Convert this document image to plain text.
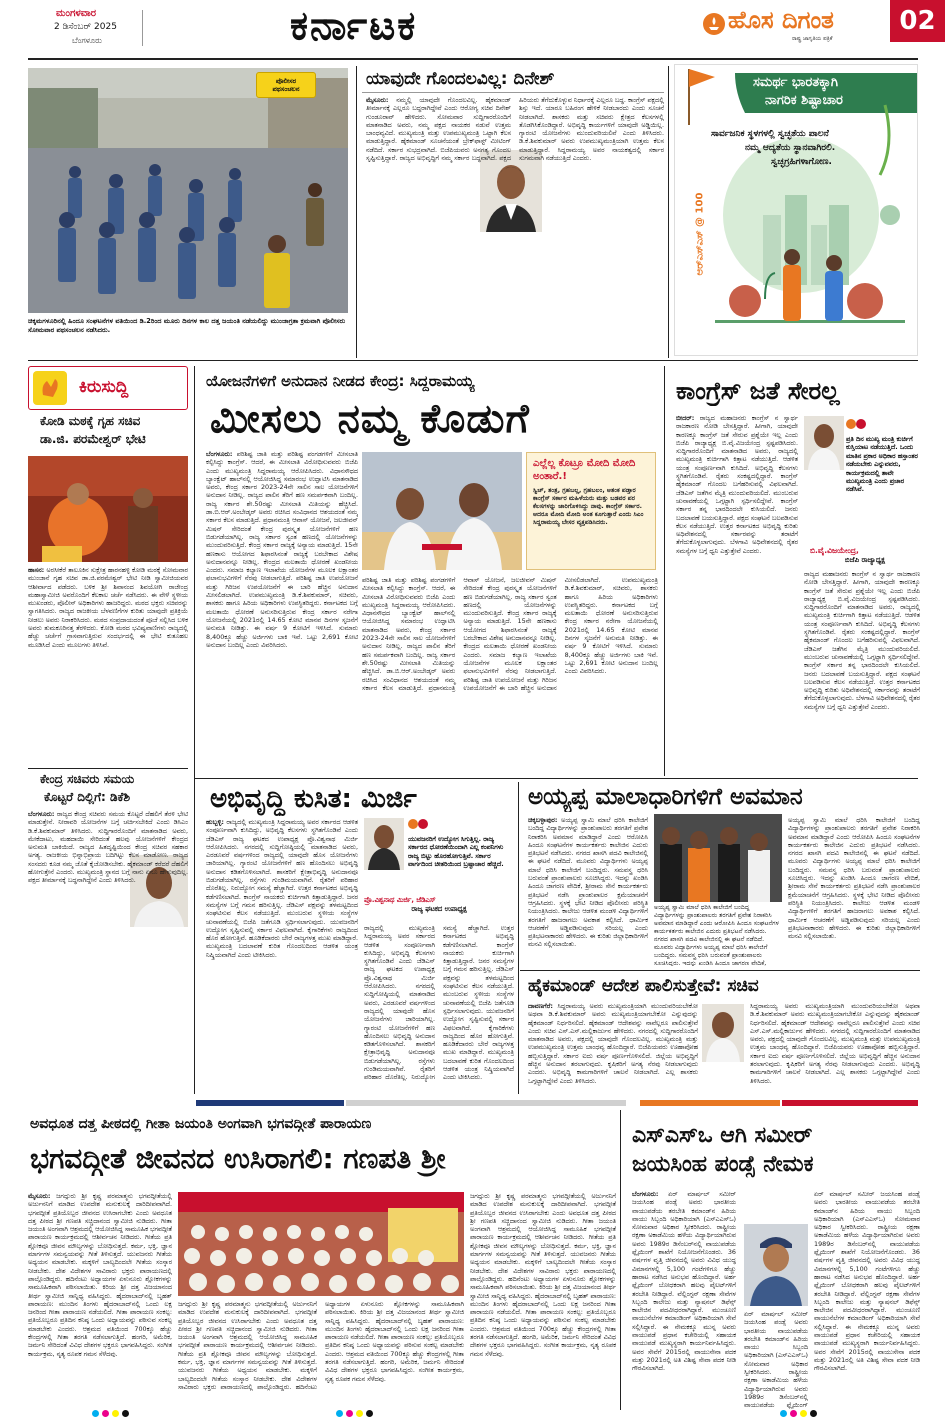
ಮಂಗಳವಾರ
2 ಡಿಸೆಂಬರ್ 2025
ಬೆಂಗಳೂರು	ಕರ್ನಾಟಕ	ಹೊಸ ದಿಗಂತ
ರಾಷ್ಟ್ರ ಜಾಗೃತಿಯ ಪತ್ರಿಕೆ
02
ಪೊಲೀಸರ ಪಥಸಂಚಲನ
ಚಿಕ್ಕಮಗಳೂರಿನಲ್ಲಿ ಹಿಂದೂ ಸಂಘಟನೆಗಳ ವತಿಯಿಂದ ಡಿ.2ರಿಂದ ಮೂರು ದಿನಗಳ ಕಾಲ ದತ್ತ ಜಯಂತಿ ನಡೆಯಲಿದ್ದು ಮುಂಜಾಗ್ರತಾ ಕ್ರಮವಾಗಿ ಪೊಲೀಸರು ಸೋಮವಾರ ಪಥಸಂಚಲನ ನಡೆಸಿದರು.
ಯಾವುದೇ ಗೊಂದಲವಿಲ್ಲ: ದಿನೇಶ್
ಮೈಸೂರು: ನಮ್ಮಲ್ಲಿ ಯಾವುದೇ ಗೊಂದಲವಿಲ್ಲ. ಹೈಕಮಾಂಡ್ ತೀರ್ಮಾನಕ್ಕೆ ಎಲ್ಲರೂ ಬದ್ಧರಾಗಿದ್ದೇವೆ ಎಂದು ಆರೋಗ್ಯ ಸಚಿವ ದಿನೇಶ್ ಗುಂಡೂರಾವ್ ಹೇಳಿದರು. ಸೋಮವಾರ ಸುದ್ದಿಗಾರರೊಂದಿಗೆ ಮಾತನಾಡಿದ ಅವರು, ನಮ್ಮ ಪಕ್ಷದ ನಾಯಕರ ನಡುವೆ ಉತ್ತಮ ಬಾಂಧವ್ಯವಿದೆ. ಮುಖ್ಯಮಂತ್ರಿ ಮತ್ತು ಉಪಮುಖ್ಯಮಂತ್ರಿ ಒಟ್ಟಾಗಿ ಕೆಲಸ ಮಾಡುತ್ತಿದ್ದಾರೆ. ಹೈಕಮಾಂಡ್ ಸೂಚನೆಯಂತೆ ಬ್ರೇಕ್‌ಫಾಸ್ಟ್ ಮೀಟಿಂಗ್ ನಡೆದಿದೆ. ಸರ್ಕಾರ ಸುಭದ್ರವಾಗಿದೆ. ಬಿಜೆಪಿಯವರು ಅನಗತ್ಯ ಗೊಂದಲ ಸೃಷ್ಟಿಸುತ್ತಿದ್ದಾರೆ. ರಾಜ್ಯದ ಅಭಿವೃದ್ಧಿಗೆ ನಮ್ಮ ಸರ್ಕಾರ ಬದ್ಧವಾಗಿದೆ. ಪಕ್ಷದ ಹಿರಿಯರು ತೆಗೆದುಕೊಳ್ಳುವ ನಿರ್ಧಾರಕ್ಕೆ ಎಲ್ಲರೂ ಬದ್ಧ. ಕಾಂಗ್ರೆಸ್ ಪಕ್ಷದಲ್ಲಿ ಶಿಸ್ತು ಇದೆ. ಯಾರೂ ಬಹಿರಂಗ ಹೇಳಿಕೆ ನೀಡಬಾರದು ಎಂದು ಸೂಚನೆ ನೀಡಲಾಗಿದೆ. ಶಾಸಕರು ಮತ್ತು ಸಚಿವರು ಕ್ಷೇತ್ರದ ಕೆಲಸಗಳಲ್ಲಿ ತೊಡಗಿಸಿಕೊಂಡಿದ್ದಾರೆ. ಅಭಿವೃದ್ಧಿ ಕಾರ್ಯಗಳಿಗೆ ಯಾವುದೇ ಅಡ್ಡಿಯಿಲ್ಲ. ಗ್ಯಾರಂಟಿ ಯೋಜನೆಗಳು ಮುಂದುವರಿಯಲಿವೆ ಎಂದು ತಿಳಿಸಿದರು. ಡಿ.ಕೆ.ಶಿವಕುಮಾರ್ ಅವರು ಉಪಮುಖ್ಯಮಂತ್ರಿಯಾಗಿ ಉತ್ತಮ ಕೆಲಸ ಮಾಡುತ್ತಿದ್ದಾರೆ. ಸಿದ್ದರಾಮಯ್ಯ ಅವರ ನಾಯಕತ್ವದಲ್ಲಿ ಸರ್ಕಾರ ಸುಗಮವಾಗಿ ನಡೆಯುತ್ತಿದೆ ಎಂದರು.
ಸಮರ್ಥ ಭಾರತಕ್ಕಾಗಿ
ನಾಗರಿಕ ಶಿಷ್ಟಾಚಾರ
ಸಾರ್ವಜನಿಕ ಸ್ಥಳಗಳಲ್ಲಿ ಸ್ವಚ್ಛತೆಯ ಪಾಲನೆ
ನಮ್ಮ ಆದ್ಯತೆಯ ಸ್ಥಾನವಾಗಿರಲಿ.
ಸ್ವಚ್ಛಗ್ರಹಿಗಳಾಗೋಣ.
ಆರ್‌ಎಸ್‌ಎಸ್ @ 100
ಕಿರುಸುದ್ದಿ
ಕೋಡಿ ಮಠಕ್ಕೆ ಗೃಹ ಸಚಿವ
ಡಾ.ಜಿ. ಪರಮೇಶ್ವರ್ ಭೇಟಿ
ಹಾಸನ: ಅರಸೀಕೆರೆ ತಾಲೂಕಿನ ಸುಕ್ಷೇತ್ರ ಹಾರನಹಳ್ಳಿ ಕೋಡಿ ಮಠಕ್ಕೆ ಸೋಮವಾರ ಮುಂಜಾನೆ ಗೃಹ ಸಚಿವ ಡಾ.ಜಿ.ಪರಮೇಶ್ವರ್ ಭೇಟಿ ನೀಡಿ ಸ್ವಾಮೀಜಿಯವರ ಆಶೀರ್ವಾದ ಪಡೆದರು. ಬಳಿಕ ಶ್ರೀ ಶಿವಾನಂದ ಶಿವಯೋಗಿ ರಾಜೇಂದ್ರ ಮಹಾಸ್ವಾಮೀಜಿ ಅವರೊಂದಿಗೆ ಕೆಲಕಾಲ ಚರ್ಚೆ ನಡೆಸಿದರು. ಈ ವೇಳೆ ಸ್ಥಳೀಯ ಮುಖಂಡರು, ಪೊಲೀಸ್ ಅಧಿಕಾರಿಗಳು ಹಾಜರಿದ್ದರು. ಮಠದ ಭಕ್ತರು ಸಚಿವರನ್ನು ಸ್ವಾಗತಿಸಿದರು. ರಾಜ್ಯದ ರಾಜಕೀಯ ಬೆಳವಣಿಗೆಗಳ ಕುರಿತು ಯಾವುದೇ ಪ್ರತಿಕ್ರಿಯೆ ನೀಡಲು ಅವರು ನಿರಾಕರಿಸಿದರು. ಮಠದ ಸಂಪ್ರದಾಯದಂತೆ ಪೂಜೆ ಸಲ್ಲಿಸಿದ ಬಳಿಕ ಅವರು ತುಮಕೂರಿನತ್ತ ತೆರಳಿದರು. ಕೋಡಿ ಮಠದ ಭವಿಷ್ಯವಾಣಿಗಳು ರಾಜ್ಯದಲ್ಲಿ ಹೆಚ್ಚು ಚರ್ಚೆಗೆ ಗ್ರಾಸವಾಗುತ್ತಿರುವ ಸಂದರ್ಭದಲ್ಲಿ ಈ ಭೇಟಿ ಕುತೂಹಲ ಮೂಡಿಸಿದೆ ಎಂದು ಮೂಲಗಳು ತಿಳಿಸಿವೆ.
ಕೇಂದ್ರ ಸಚಿವರು ಸಮಯ
ಕೊಟ್ಟರೆ ದಿಲ್ಲಿಗೆ: ಡಿಕೆಶಿ
ಬೆಂಗಳೂರು: ರಾಜ್ಯದ ಕೇಂದ್ರ ಸಚಿವರು ಸಮಯ ಕೊಟ್ಟರೆ ದೆಹಲಿಗೆ ತೆರಳಿ ಭೇಟಿ ಮಾಡುತ್ತೇನೆ. ನೀರಾವರಿ ಯೋಜನೆಗಳ ಬಗ್ಗೆ ಚರ್ಚಿಸಬೇಕಿದೆ ಎಂದು ಡಿಸಿಎಂ ಡಿ.ಕೆ.ಶಿವಕುಮಾರ್ ತಿಳಿಸಿದರು. ಸುದ್ದಿಗಾರರೊಂದಿಗೆ ಮಾತನಾಡಿದ ಅವರು, ಮೇಕೆದಾಟು, ಮಹದಾಯಿ ಸೇರಿದಂತೆ ಹಲವು ಯೋಜನೆಗಳಿಗೆ ಕೇಂದ್ರದ ಅನುಮತಿ ಬಾಕಿಯಿದೆ. ರಾಜ್ಯದ ಹಿತದೃಷ್ಟಿಯಿಂದ ಕೇಂದ್ರ ಸಚಿವರ ಸಹಕಾರ ಅಗತ್ಯ. ರಾಜಕೀಯ ಭಿನ್ನಾಭಿಪ್ರಾಯ ಬದಿಗಿಟ್ಟು ಕೆಲಸ ಮಾಡೋಣ. ರಾಜ್ಯದ ಸಂಸದರು ಕೂಡ ನಮ್ಮ ಜೊತೆ ಕೈಜೋಡಿಸಬೇಕು. ಹೈಕಮಾಂಡ್ ಕರೆದರೆ ದೆಹಲಿಗೆ ಹೋಗುತ್ತೇನೆ ಎಂದರು. ಮುಖ್ಯಮಂತ್ರಿ ಸ್ಥಾನದ ಬಗ್ಗೆ ನಾನು ಏನೂ ಹೇಳುವುದಿಲ್ಲ. ಪಕ್ಷದ ತೀರ್ಮಾನಕ್ಕೆ ಬದ್ಧನಾಗಿದ್ದೇನೆ ಎಂದು ತಿಳಿಸಿದರು.
ಯೋಜನೆಗಳಿಗೆ ಅನುದಾನ ನೀಡದ ಕೇಂದ್ರ: ಸಿದ್ದರಾಮಯ್ಯ
ಮೀಸಲು ನಮ್ಮ ಕೊಡುಗೆ
ಬೆಂಗಳೂರು: ಪರಿಶಿಷ್ಟ ಜಾತಿ ಮತ್ತು ಪರಿಶಿಷ್ಟ ಪಂಗಡಗಳಿಗೆ ಮೀಸಲಾತಿ ಕಲ್ಪಿಸಿದ್ದು ಕಾಂಗ್ರೆಸ್. ಆದರೆ, ಈ ಮೀಸಲಾತಿ ವಿರೋಧಿಸುವವರು ಬಿಜೆಪಿ ಎಂದು ಮುಖ್ಯಮಂತ್ರಿ ಸಿದ್ದರಾಮಯ್ಯ ಆರೋಪಿಸಿದರು. ವಿಧಾನಸೌಧದ ಬ್ಯಾಂಕ್ವೆಟ್ ಹಾಲ್‌ನಲ್ಲಿ ಆಯೋಜಿಸಿದ್ದ ಸಮಾರಂಭ ಉದ್ಘಾಟಿಸಿ ಮಾತನಾಡಿದ ಅವರು, ಕೇಂದ್ರ ಸರ್ಕಾರ 2023-24ನೇ ಸಾಲಿನ ಸಾಲ ಯೋಜನೆಗಳಿಗೆ ಅನುದಾನ ನೀಡಿಲ್ಲ. ರಾಜ್ಯದ ಪಾಲಿನ ತೆರಿಗೆ ಹಣ ಸಮರ್ಪಕವಾಗಿ ಬಂದಿಲ್ಲ. ರಾಜ್ಯ ಸರ್ಕಾರ ಶೇ.50ರಷ್ಟು ಮೀಸಲಾತಿ ಮಿತಿಯನ್ನು ಹೆಚ್ಚಿಸಿದೆ. ಡಾ.ಬಿ.ಆರ್.ಅಂಬೇಡ್ಕರ್ ಅವರು ರಚಿಸಿದ ಸಂವಿಧಾನದ ಆಶಯದಂತೆ ನಮ್ಮ ಸರ್ಕಾರ ಕೆಲಸ ಮಾಡುತ್ತಿದೆ. ಪ್ರಧಾನಮಂತ್ರಿ ಆವಾಸ್ ಯೋಜನೆ, ಜಲಜೀವನ್ ಮಿಷನ್ ಸೇರಿದಂತೆ ಕೇಂದ್ರ ಪುರಸ್ಕೃತ ಯೋಜನೆಗಳಿಗೆ ಹಣ ಬಿಡುಗಡೆಯಾಗಿಲ್ಲ. ರಾಜ್ಯ ಸರ್ಕಾರ ಸ್ವಂತ ಹಣದಲ್ಲಿ ಯೋಜನೆಗಳನ್ನು ಮುಂದುವರಿಸುತ್ತಿದೆ. ಕೇಂದ್ರ ಸರ್ಕಾರ ರಾಜ್ಯಕ್ಕೆ ಅನ್ಯಾಯ ಮಾಡುತ್ತಿದೆ. 15ನೇ ಹಣಕಾಸು ಆಯೋಗದ ಶಿಫಾರಸಿನಂತೆ ರಾಜ್ಯಕ್ಕೆ ಬರಬೇಕಾದ ವಿಶೇಷ ಅನುದಾನವನ್ನೂ ನೀಡಿಲ್ಲ. ಕೇಂದ್ರದ ಮಲತಾಯಿ ಧೋರಣೆ ಖಂಡನೀಯ ಎಂದರು. ಸಮಾಜ ಕಲ್ಯಾಣ ಇಲಾಖೆಯ ಯೋಜನೆಗಳ ಮೂಲಕ ಲಕ್ಷಾಂತರ ಫಲಾನುಭವಿಗಳಿಗೆ ನೆರವು ನೀಡಲಾಗುತ್ತಿದೆ. ಪರಿಶಿಷ್ಟ ಜಾತಿ ಉಪಯೋಜನೆ ಮತ್ತು ಗಿರಿಜನ ಉಪಯೋಜನೆಗೆ ಈ ಬಾರಿ ಹೆಚ್ಚಿನ ಅನುದಾನ ಮೀಸಲಿಡಲಾಗಿದೆ. ಉಪಮುಖ್ಯಮಂತ್ರಿ ಡಿ.ಕೆ.ಶಿವಕುಮಾರ್, ಸಚಿವರು, ಶಾಸಕರು ಹಾಗೂ ಹಿರಿಯ ಅಧಿಕಾರಿಗಳು ಉಪಸ್ಥಿತರಿದ್ದರು. ಕರ್ನಾಟಕದ ಬಗ್ಗೆ ಮಲತಾಯಿ ಧೋರಣೆ ಅನುಸರಿಸುತ್ತಿರುವ ಕೇಂದ್ರ ಸರ್ಕಾರ ನರೇಗಾ ಯೋಜನೆಯಲ್ಲಿ 2021ರಲ್ಲಿ 14.65 ಕೋಟಿ ಮಾನವ ದಿನಗಳ ಸೃಜನೆಗೆ ಅನುಮತಿ ನೀಡಿತ್ತು. ಈ ವರ್ಷ 9 ಕೋಟಿಗೆ ಇಳಿಸಿದೆ. ಸುಮಾರು 8,400ಕ್ಕೂ ಹೆಚ್ಚು ಅರ್ಜಿಗಳು ಬಾಕಿ ಇವೆ. ಒಟ್ಟು 2,691 ಕೋಟಿ ಅನುದಾನ ಬಂದಿಲ್ಲ ಎಂದು ವಿವರಿಸಿದರು.
ಎಲ್ಲೆಲ್ಲ ಕೊಟ್ರೂ ಮೋದಿ ಮೋದಿ ಅಂತಾರೆ.!
ಸ್ವಿಚ್, ತಂತ್ರ, ಗ್ರಹಬಲ್ಲ, ಗ್ರಹಬಲಂ, ಆತಂಕ ಪಡ್ತಾರ ಕಾಂಗ್ರೆಸ್ ಸರ್ಕಾರ ಮಹಿಳೆಯರು ಮತ್ತು ಬಡವರ ಪರ ಕೆಲಸಗಳನ್ನು ಜಾರಿಗೊಳಿಸಿದ್ದು ನಾವು. ಕಾಂಗ್ರೆಸ್ ಸರ್ಕಾರ. ಆದರೂ ಮೋದಿ ಮೋದಿ ಅಂತ ಕೂಗುತ್ತಾರೆ ಎಂದು ಸಿಎಂ ಸಿದ್ದರಾಮಯ್ಯ ಬೇಸರ ವ್ಯಕ್ತಪಡಿಸಿದರು.
ಪರಿಶಿಷ್ಟ ಜಾತಿ ಮತ್ತು ಪರಿಶಿಷ್ಟ ಪಂಗಡಗಳಿಗೆ ಮೀಸಲಾತಿ ಕಲ್ಪಿಸಿದ್ದು ಕಾಂಗ್ರೆಸ್. ಆದರೆ, ಈ ಮೀಸಲಾತಿ ವಿರೋಧಿಸುವವರು ಬಿಜೆಪಿ ಎಂದು ಮುಖ್ಯಮಂತ್ರಿ ಸಿದ್ದರಾಮಯ್ಯ ಆರೋಪಿಸಿದರು. ವಿಧಾನಸೌಧದ ಬ್ಯಾಂಕ್ವೆಟ್ ಹಾಲ್‌ನಲ್ಲಿ ಆಯೋಜಿಸಿದ್ದ ಸಮಾರಂಭ ಉದ್ಘಾಟಿಸಿ ಮಾತನಾಡಿದ ಅವರು, ಕೇಂದ್ರ ಸರ್ಕಾರ 2023-24ನೇ ಸಾಲಿನ ಸಾಲ ಯೋಜನೆಗಳಿಗೆ ಅನುದಾನ ನೀಡಿಲ್ಲ. ರಾಜ್ಯದ ಪಾಲಿನ ತೆರಿಗೆ ಹಣ ಸಮರ್ಪಕವಾಗಿ ಬಂದಿಲ್ಲ. ರಾಜ್ಯ ಸರ್ಕಾರ ಶೇ.50ರಷ್ಟು ಮೀಸಲಾತಿ ಮಿತಿಯನ್ನು ಹೆಚ್ಚಿಸಿದೆ. ಡಾ.ಬಿ.ಆರ್.ಅಂಬೇಡ್ಕರ್ ಅವರು ರಚಿಸಿದ ಸಂವಿಧಾನದ ಆಶಯದಂತೆ ನಮ್ಮ ಸರ್ಕಾರ ಕೆಲಸ ಮಾಡುತ್ತಿದೆ. ಪ್ರಧಾನಮಂತ್ರಿ ಆವಾಸ್ ಯೋಜನೆ, ಜಲಜೀವನ್ ಮಿಷನ್ ಸೇರಿದಂತೆ ಕೇಂದ್ರ ಪುರಸ್ಕೃತ ಯೋಜನೆಗಳಿಗೆ ಹಣ ಬಿಡುಗಡೆಯಾಗಿಲ್ಲ. ರಾಜ್ಯ ಸರ್ಕಾರ ಸ್ವಂತ ಹಣದಲ್ಲಿ ಯೋಜನೆಗಳನ್ನು ಮುಂದುವರಿಸುತ್ತಿದೆ. ಕೇಂದ್ರ ಸರ್ಕಾರ ರಾಜ್ಯಕ್ಕೆ ಅನ್ಯಾಯ ಮಾಡುತ್ತಿದೆ. 15ನೇ ಹಣಕಾಸು ಆಯೋಗದ ಶಿಫಾರಸಿನಂತೆ ರಾಜ್ಯಕ್ಕೆ ಬರಬೇಕಾದ ವಿಶೇಷ ಅನುದಾನವನ್ನೂ ನೀಡಿಲ್ಲ. ಕೇಂದ್ರದ ಮಲತಾಯಿ ಧೋರಣೆ ಖಂಡನೀಯ ಎಂದರು. ಸಮಾಜ ಕಲ್ಯಾಣ ಇಲಾಖೆಯ ಯೋಜನೆಗಳ ಮೂಲಕ ಲಕ್ಷಾಂತರ ಫಲಾನುಭವಿಗಳಿಗೆ ನೆರವು ನೀಡಲಾಗುತ್ತಿದೆ. ಪರಿಶಿಷ್ಟ ಜಾತಿ ಉಪಯೋಜನೆ ಮತ್ತು ಗಿರಿಜನ ಉಪಯೋಜನೆಗೆ ಈ ಬಾರಿ ಹೆಚ್ಚಿನ ಅನುದಾನ ಮೀಸಲಿಡಲಾಗಿದೆ. ಉಪಮುಖ್ಯಮಂತ್ರಿ ಡಿ.ಕೆ.ಶಿವಕುಮಾರ್, ಸಚಿವರು, ಶಾಸಕರು ಹಾಗೂ ಹಿರಿಯ ಅಧಿಕಾರಿಗಳು ಉಪಸ್ಥಿತರಿದ್ದರು. ಕರ್ನಾಟಕದ ಬಗ್ಗೆ ಮಲತಾಯಿ ಧೋರಣೆ ಅನುಸರಿಸುತ್ತಿರುವ ಕೇಂದ್ರ ಸರ್ಕಾರ ನರೇಗಾ ಯೋಜನೆಯಲ್ಲಿ 2021ರಲ್ಲಿ 14.65 ಕೋಟಿ ಮಾನವ ದಿನಗಳ ಸೃಜನೆಗೆ ಅನುಮತಿ ನೀಡಿತ್ತು. ಈ ವರ್ಷ 9 ಕೋಟಿಗೆ ಇಳಿಸಿದೆ. ಸುಮಾರು 8,400ಕ್ಕೂ ಹೆಚ್ಚು ಅರ್ಜಿಗಳು ಬಾಕಿ ಇವೆ. ಒಟ್ಟು 2,691 ಕೋಟಿ ಅನುದಾನ ಬಂದಿಲ್ಲ ಎಂದು ವಿವರಿಸಿದರು.
ಕಾಂಗ್ರೆಸ್ ಜತೆ ಸೇರಲ್ಲ
ಬೀದರ್: ರಾಜ್ಯದ ಮಹಾಜನರು ಕಾಂಗ್ರೆಸ್ ನ ಸ್ವಾರ್ಥ ರಾಜಕಾರಣ ನೋಡಿ ಬೇಸತ್ತಿದ್ದಾರೆ. ಹೀಗಾಗಿ, ಯಾವುದೇ ಕಾರಣಕ್ಕೂ ಕಾಂಗ್ರೆಸ್ ಜತೆ ಸೇರುವ ಪ್ರಶ್ನೆಯೇ ಇಲ್ಲ ಎಂದು ಬಿಜೆಪಿ ರಾಜ್ಯಾಧ್ಯಕ್ಷ ಬಿ.ವೈ.ವಿಜಯೇಂದ್ರ ಸ್ಪಷ್ಟಪಡಿಸಿದರು. ಸುದ್ದಿಗಾರರೊಂದಿಗೆ ಮಾತನಾಡಿದ ಅವರು, ರಾಜ್ಯದಲ್ಲಿ ಮುಖ್ಯಮಂತ್ರಿ ಕುರ್ಚಿಗಾಗಿ ಕಿತ್ತಾಟ ನಡೆಯುತ್ತಿದೆ. ಆಡಳಿತ ಯಂತ್ರ ಸಂಪೂರ್ಣವಾಗಿ ಕುಸಿದಿದೆ. ಅಭಿವೃದ್ಧಿ ಕೆಲಸಗಳು ಸ್ಥಗಿತಗೊಂಡಿವೆ. ರೈತರು ಸಂಕಷ್ಟದಲ್ಲಿದ್ದಾರೆ. ಕಾಂಗ್ರೆಸ್ ಹೈಕಮಾಂಡ್ ಗೊಂದಲ ಬಗೆಹರಿಸುವಲ್ಲಿ ವಿಫಲವಾಗಿದೆ. ಜೆಡಿಎಸ್ ಜತೆಗಿನ ಮೈತ್ರಿ ಮುಂದುವರಿಯಲಿದೆ. ಮುಂಬರುವ ಚುನಾವಣೆಯಲ್ಲಿ ಒಗ್ಗಟ್ಟಾಗಿ ಸ್ಪರ್ಧಿಸಲಿದ್ದೇವೆ. ಕಾಂಗ್ರೆಸ್ ಸರ್ಕಾರ ತನ್ನ ಭಾರದಿಂದಲೇ ಕುಸಿಯಲಿದೆ. ಜನರು ಬದಲಾವಣೆ ಬಯಸುತ್ತಿದ್ದಾರೆ. ಪಕ್ಷದ ಸಂಘಟನೆ ಬಲಪಡಿಸುವ ಕೆಲಸ ನಡೆಯುತ್ತಿದೆ. ಉತ್ತರ ಕರ್ನಾಟಕದ ಅಭಿವೃದ್ಧಿ ಕುರಿತು ಅಧಿವೇಶನದಲ್ಲಿ ಸರ್ಕಾರವನ್ನು ತರಾಟೆಗೆ ತೆಗೆದುಕೊಳ್ಳಲಾಗುವುದು. ಬೆಳಗಾವಿ ಅಧಿವೇಶನದಲ್ಲಿ ರೈತರ ಸಮಸ್ಯೆಗಳ ಬಗ್ಗೆ ಧ್ವನಿ ಎತ್ತುತ್ತೇವೆ ಎಂದರು.
ಪ್ರತಿ ದಿನ ಮುಖ್ಯ ಮಂತ್ರಿ ಕುರ್ಚಿಗೆ ಕುಸ್ತಿಯಾಟ ನಡೆಯುತ್ತಿದೆ. ಒಂದು ಮಾತಿನ ಪ್ರಕಾರ ಅಧಿಕಾರ ಹಸ್ತಾಂತರ ನಡೆಯಬೇಕು ಎನ್ನುವವರು, ಕಾರ್ಯಕ್ರಮದಲ್ಲಿ ತಾವೇ ಮುಖ್ಯಮಂತ್ರಿ ಎಂದು ಪ್ರಚಾರ ನಡೆಸಿವೆ.
ಬಿ.ವೈ.ವಿಜಯೇಂದ್ರ,
ಬಿಜೆಪಿ ರಾಜ್ಯಾಧ್ಯಕ್ಷ
ರಾಜ್ಯದ ಮಹಾಜನರು ಕಾಂಗ್ರೆಸ್ ನ ಸ್ವಾರ್ಥ ರಾಜಕಾರಣ ನೋಡಿ ಬೇಸತ್ತಿದ್ದಾರೆ. ಹೀಗಾಗಿ, ಯಾವುದೇ ಕಾರಣಕ್ಕೂ ಕಾಂಗ್ರೆಸ್ ಜತೆ ಸೇರುವ ಪ್ರಶ್ನೆಯೇ ಇಲ್ಲ ಎಂದು ಬಿಜೆಪಿ ರಾಜ್ಯಾಧ್ಯಕ್ಷ ಬಿ.ವೈ.ವಿಜಯೇಂದ್ರ ಸ್ಪಷ್ಟಪಡಿಸಿದರು. ಸುದ್ದಿಗಾರರೊಂದಿಗೆ ಮಾತನಾಡಿದ ಅವರು, ರಾಜ್ಯದಲ್ಲಿ ಮುಖ್ಯಮಂತ್ರಿ ಕುರ್ಚಿಗಾಗಿ ಕಿತ್ತಾಟ ನಡೆಯುತ್ತಿದೆ. ಆಡಳಿತ ಯಂತ್ರ ಸಂಪೂರ್ಣವಾಗಿ ಕುಸಿದಿದೆ. ಅಭಿವೃದ್ಧಿ ಕೆಲಸಗಳು ಸ್ಥಗಿತಗೊಂಡಿವೆ. ರೈತರು ಸಂಕಷ್ಟದಲ್ಲಿದ್ದಾರೆ. ಕಾಂಗ್ರೆಸ್ ಹೈಕಮಾಂಡ್ ಗೊಂದಲ ಬಗೆಹರಿಸುವಲ್ಲಿ ವಿಫಲವಾಗಿದೆ. ಜೆಡಿಎಸ್ ಜತೆಗಿನ ಮೈತ್ರಿ ಮುಂದುವರಿಯಲಿದೆ. ಮುಂಬರುವ ಚುನಾವಣೆಯಲ್ಲಿ ಒಗ್ಗಟ್ಟಾಗಿ ಸ್ಪರ್ಧಿಸಲಿದ್ದೇವೆ. ಕಾಂಗ್ರೆಸ್ ಸರ್ಕಾರ ತನ್ನ ಭಾರದಿಂದಲೇ ಕುಸಿಯಲಿದೆ. ಜನರು ಬದಲಾವಣೆ ಬಯಸುತ್ತಿದ್ದಾರೆ. ಪಕ್ಷದ ಸಂಘಟನೆ ಬಲಪಡಿಸುವ ಕೆಲಸ ನಡೆಯುತ್ತಿದೆ. ಉತ್ತರ ಕರ್ನಾಟಕದ ಅಭಿವೃದ್ಧಿ ಕುರಿತು ಅಧಿವೇಶನದಲ್ಲಿ ಸರ್ಕಾರವನ್ನು ತರಾಟೆಗೆ ತೆಗೆದುಕೊಳ್ಳಲಾಗುವುದು. ಬೆಳಗಾವಿ ಅಧಿವೇಶನದಲ್ಲಿ ರೈತರ ಸಮಸ್ಯೆಗಳ ಬಗ್ಗೆ ಧ್ವನಿ ಎತ್ತುತ್ತೇವೆ ಎಂದರು.
ಅಭಿವೃದ್ಧಿ ಕುಸಿತ: ಮಿರ್ಜಿ
ಯುವಜನರಿಗೆ ಉದ್ಯೋಗ ಸಿಗುತ್ತಿಲ್ಲ. ರಾಜ್ಯ ಸರ್ಕಾರದ ಧೋರಣೆಯಿಂದಾಗಿ ಎಲ್ಲ ಕಂಪನಿಗಳು ರಾಜ್ಯ ಬಿಟ್ಟು ಹೊರಹೋಗುತ್ತಿವೆ. ಸರ್ಕಾರ ವಾರ್ಗದಿಂದ ಚೀತರಿಯಿಂದ ಬ್ರಷ್ಟಾಚಾರ ಹೆಚ್ಚಿದೆ.
ಪ್ರೊ.ವಿಶ್ವನಾಥ ಮಿರ್ಜಿ, ಜೆಡಿಎಸ್
ರಾಜ್ಯ ಘಟಕದ ಉಪಾಧ್ಯಕ್ಷ
ಹುಬ್ಬಳ್ಳಿ: ರಾಜ್ಯದಲ್ಲಿ ಮುಖ್ಯಮಂತ್ರಿ ಸಿದ್ದರಾಮಯ್ಯ ಅವರ ಸರ್ಕಾರದ ಆಡಳಿತ ಸಂಪೂರ್ಣವಾಗಿ ಕುಸಿದಿದ್ದು, ಅಭಿವೃದ್ಧಿ ಕೆಲಸಗಳು ಸ್ಥಗಿತಗೊಂಡಿವೆ ಎಂದು ಜೆಡಿಎಸ್ ರಾಜ್ಯ ಘಟಕದ ಉಪಾಧ್ಯಕ್ಷ ಪ್ರೊ.ವಿಶ್ವನಾಥ ಮಿರ್ಜಿ ಆರೋಪಿಸಿದರು. ನಗರದಲ್ಲಿ ಸುದ್ದಿಗೋಷ್ಠಿಯಲ್ಲಿ ಮಾತನಾಡಿದ ಅವರು, ಎರಡೂವರೆ ವರ್ಷಗಳಿಂದ ರಾಜ್ಯದಲ್ಲಿ ಯಾವುದೇ ಹೊಸ ಯೋಜನೆಗಳು ಜಾರಿಯಾಗಿಲ್ಲ. ಗ್ಯಾರಂಟಿ ಯೋಜನೆಗಳಿಗೆ ಹಣ ಹೊಂದಿಸಲು ಅಭಿವೃದ್ಧಿ ಅನುದಾನ ಕಡಿತಗೊಳಿಸಲಾಗಿದೆ. ಶಾಸಕರಿಗೆ ಕ್ಷೇತ್ರಾಭಿವೃದ್ಧಿ ಅನುದಾನವೂ ಬಿಡುಗಡೆಯಾಗಿಲ್ಲ. ರಸ್ತೆಗಳು ಗುಂಡಿಮಯವಾಗಿವೆ. ರೈತರಿಗೆ ಪರಿಹಾರ ದೊರೆತಿಲ್ಲ. ನಿರುದ್ಯೋಗ ಸಮಸ್ಯೆ ಹೆಚ್ಚಾಗಿದೆ. ಉತ್ತರ ಕರ್ನಾಟಕದ ಅಭಿವೃದ್ಧಿ ಕಡೆಗಣಿಸಲಾಗಿದೆ. ಕಾಂಗ್ರೆಸ್ ನಾಯಕರು ಕುರ್ಚಿಗಾಗಿ ಕಿತ್ತಾಡುತ್ತಿದ್ದಾರೆ. ಜನರ ಸಮಸ್ಯೆಗಳ ಬಗ್ಗೆ ಗಮನ ಹರಿಸುತ್ತಿಲ್ಲ. ಜೆಡಿಎಸ್ ಪಕ್ಷವನ್ನು ತಳಮಟ್ಟದಿಂದ ಸಂಘಟಿಸುವ ಕೆಲಸ ನಡೆಯುತ್ತಿದೆ. ಮುಂಬರುವ ಸ್ಥಳೀಯ ಸಂಸ್ಥೆಗಳ ಚುನಾವಣೆಯಲ್ಲಿ ಬಿಜೆಪಿ ಜತೆಗೂಡಿ ಸ್ಪರ್ಧಿಸಲಾಗುವುದು. ಯುವಜನರಿಗೆ ಉದ್ಯೋಗ ಸೃಷ್ಟಿಸುವಲ್ಲಿ ಸರ್ಕಾರ ವಿಫಲವಾಗಿದೆ. ಕೈಗಾರಿಕೆಗಳು ರಾಜ್ಯದಿಂದ ಹೊರ ಹೋಗುತ್ತಿವೆ. ಹೂಡಿಕೆದಾರರು ಬೇರೆ ರಾಜ್ಯಗಳತ್ತ ಮುಖ ಮಾಡಿದ್ದಾರೆ. ಮುಖ್ಯಮಂತ್ರಿ ಬದಲಾವಣೆ ಕುರಿತ ಗೊಂದಲದಿಂದ ಆಡಳಿತ ಯಂತ್ರ ನಿಷ್ಕ್ರಿಯವಾಗಿದೆ ಎಂದು ಟೀಕಿಸಿದರು.
ರಾಜ್ಯದಲ್ಲಿ ಮುಖ್ಯಮಂತ್ರಿ ಸಿದ್ದರಾಮಯ್ಯ ಅವರ ಸರ್ಕಾರದ ಆಡಳಿತ ಸಂಪೂರ್ಣವಾಗಿ ಕುಸಿದಿದ್ದು, ಅಭಿವೃದ್ಧಿ ಕೆಲಸಗಳು ಸ್ಥಗಿತಗೊಂಡಿವೆ ಎಂದು ಜೆಡಿಎಸ್ ರಾಜ್ಯ ಘಟಕದ ಉಪಾಧ್ಯಕ್ಷ ಪ್ರೊ.ವಿಶ್ವನಾಥ ಮಿರ್ಜಿ ಆರೋಪಿಸಿದರು. ನಗರದಲ್ಲಿ ಸುದ್ದಿಗೋಷ್ಠಿಯಲ್ಲಿ ಮಾತನಾಡಿದ ಅವರು, ಎರಡೂವರೆ ವರ್ಷಗಳಿಂದ ರಾಜ್ಯದಲ್ಲಿ ಯಾವುದೇ ಹೊಸ ಯೋಜನೆಗಳು ಜಾರಿಯಾಗಿಲ್ಲ. ಗ್ಯಾರಂಟಿ ಯೋಜನೆಗಳಿಗೆ ಹಣ ಹೊಂದಿಸಲು ಅಭಿವೃದ್ಧಿ ಅನುದಾನ ಕಡಿತಗೊಳಿಸಲಾಗಿದೆ. ಶಾಸಕರಿಗೆ ಕ್ಷೇತ್ರಾಭಿವೃದ್ಧಿ ಅನುದಾನವೂ ಬಿಡುಗಡೆಯಾಗಿಲ್ಲ. ರಸ್ತೆಗಳು ಗುಂಡಿಮಯವಾಗಿವೆ. ರೈತರಿಗೆ ಪರಿಹಾರ ದೊರೆತಿಲ್ಲ. ನಿರುದ್ಯೋಗ ಸಮಸ್ಯೆ ಹೆಚ್ಚಾಗಿದೆ. ಉತ್ತರ ಕರ್ನಾಟಕದ ಅಭಿವೃದ್ಧಿ ಕಡೆಗಣಿಸಲಾಗಿದೆ. ಕಾಂಗ್ರೆಸ್ ನಾಯಕರು ಕುರ್ಚಿಗಾಗಿ ಕಿತ್ತಾಡುತ್ತಿದ್ದಾರೆ. ಜನರ ಸಮಸ್ಯೆಗಳ ಬಗ್ಗೆ ಗಮನ ಹರಿಸುತ್ತಿಲ್ಲ. ಜೆಡಿಎಸ್ ಪಕ್ಷವನ್ನು ತಳಮಟ್ಟದಿಂದ ಸಂಘಟಿಸುವ ಕೆಲಸ ನಡೆಯುತ್ತಿದೆ. ಮುಂಬರುವ ಸ್ಥಳೀಯ ಸಂಸ್ಥೆಗಳ ಚುನಾವಣೆಯಲ್ಲಿ ಬಿಜೆಪಿ ಜತೆಗೂಡಿ ಸ್ಪರ್ಧಿಸಲಾಗುವುದು. ಯುವಜನರಿಗೆ ಉದ್ಯೋಗ ಸೃಷ್ಟಿಸುವಲ್ಲಿ ಸರ್ಕಾರ ವಿಫಲವಾಗಿದೆ. ಕೈಗಾರಿಕೆಗಳು ರಾಜ್ಯದಿಂದ ಹೊರ ಹೋಗುತ್ತಿವೆ. ಹೂಡಿಕೆದಾರರು ಬೇರೆ ರಾಜ್ಯಗಳತ್ತ ಮುಖ ಮಾಡಿದ್ದಾರೆ. ಮುಖ್ಯಮಂತ್ರಿ ಬದಲಾವಣೆ ಕುರಿತ ಗೊಂದಲದಿಂದ ಆಡಳಿತ ಯಂತ್ರ ನಿಷ್ಕ್ರಿಯವಾಗಿದೆ ಎಂದು ಟೀಕಿಸಿದರು.
ಅಯ್ಯಪ್ಪ ಮಾಲಾಧಾರಿಗಳಿಗೆ ಅವಮಾನ
ಚಿಕ್ಕಬಳ್ಳಾಪುರ: ಅಯ್ಯಪ್ಪ ಸ್ವಾಮಿ ಮಾಲೆ ಧರಿಸಿ ಕಾಲೇಜಿಗೆ ಬಂದಿದ್ದ ವಿದ್ಯಾರ್ಥಿಗಳನ್ನು ಪ್ರಾಂಶುಪಾಲರು ತರಗತಿಗೆ ಪ್ರವೇಶ ನಿರಾಕರಿಸಿ ಅವಮಾನ ಮಾಡಿದ್ದಾರೆ ಎಂದು ಆರೋಪಿಸಿ ಹಿಂದೂ ಸಂಘಟನೆಗಳ ಕಾರ್ಯಕರ್ತರು ಕಾಲೇಜಿನ ಎದುರು ಪ್ರತಿಭಟನೆ ನಡೆಸಿದರು. ನಗರದ ಖಾಸಗಿ ಪದವಿ ಕಾಲೇಜಿನಲ್ಲಿ ಈ ಘಟನೆ ನಡೆದಿದೆ. ಮೂವರು ವಿದ್ಯಾರ್ಥಿಗಳು ಅಯ್ಯಪ್ಪ ಮಾಲೆ ಧರಿಸಿ ಕಾಲೇಜಿಗೆ ಬಂದಿದ್ದರು. ಸಮವಸ್ತ್ರ ಧರಿಸಿ ಬರುವಂತೆ ಪ್ರಾಂಶುಪಾಲರು ಸೂಚಿಸಿದ್ದರು. ಇದನ್ನು ಖಂಡಿಸಿ ಹಿಂದೂ ಜಾಗರಣ ವೇದಿಕೆ, ಶ್ರೀರಾಮ ಸೇನೆ ಕಾರ್ಯಕರ್ತರು ಪ್ರತಿಭಟನೆ ನಡೆಸಿ ಪ್ರಾಂಶುಪಾಲರ ಕ್ಷಮೆಯಾಚನೆಗೆ ಆಗ್ರಹಿಸಿದರು. ಸ್ಥಳಕ್ಕೆ ಭೇಟಿ ನೀಡಿದ ಪೊಲೀಸರು ಪರಿಸ್ಥಿತಿ ನಿಯಂತ್ರಿಸಿದರು. ಕಾಲೇಜು ಆಡಳಿತ ಮಂಡಳಿ ವಿದ್ಯಾರ್ಥಿಗಳಿಗೆ ತರಗತಿಗೆ ಹಾಜರಾಗಲು ಅವಕಾಶ ಕಲ್ಪಿಸಿದೆ. ಧಾರ್ಮಿಕ ಆಚರಣೆಗೆ ಅಡ್ಡಿಪಡಿಸುವುದು ಸರಿಯಲ್ಲ ಎಂದು ಪ್ರತಿಭಟನಾಕಾರರು ಹೇಳಿದರು. ಈ ಕುರಿತು ಜಿಲ್ಲಾಧಿಕಾರಿಗಳಿಗೆ ಮನವಿ ಸಲ್ಲಿಸಲಾಯಿತು.
ಅಯ್ಯಪ್ಪ ಸ್ವಾಮಿ ಮಾಲೆ ಧರಿಸಿ ಕಾಲೇಜಿಗೆ ಬಂದಿದ್ದ ವಿದ್ಯಾರ್ಥಿಗಳನ್ನು ಪ್ರಾಂಶುಪಾಲರು ತರಗತಿಗೆ ಪ್ರವೇಶ ನಿರಾಕರಿಸಿ ಅವಮಾನ ಮಾಡಿದ್ದಾರೆ ಎಂದು ಆರೋಪಿಸಿ ಹಿಂದೂ ಸಂಘಟನೆಗಳ ಕಾರ್ಯಕರ್ತರು ಕಾಲೇಜಿನ ಎದುರು ಪ್ರತಿಭಟನೆ ನಡೆಸಿದರು. ನಗರದ ಖಾಸಗಿ ಪದವಿ ಕಾಲೇಜಿನಲ್ಲಿ ಈ ಘಟನೆ ನಡೆದಿದೆ. ಮೂವರು ವಿದ್ಯಾರ್ಥಿಗಳು ಅಯ್ಯಪ್ಪ ಮಾಲೆ ಧರಿಸಿ ಕಾಲೇಜಿಗೆ ಬಂದಿದ್ದರು. ಸಮವಸ್ತ್ರ ಧರಿಸಿ ಬರುವಂತೆ ಪ್ರಾಂಶುಪಾಲರು ಸೂಚಿಸಿದ್ದರು. ಇದನ್ನು ಖಂಡಿಸಿ ಹಿಂದೂ ಜಾಗರಣ ವೇದಿಕೆ,
ಅಯ್ಯಪ್ಪ ಸ್ವಾಮಿ ಮಾಲೆ ಧರಿಸಿ ಕಾಲೇಜಿಗೆ ಬಂದಿದ್ದ ವಿದ್ಯಾರ್ಥಿಗಳನ್ನು ಪ್ರಾಂಶುಪಾಲರು ತರಗತಿಗೆ ಪ್ರವೇಶ ನಿರಾಕರಿಸಿ ಅವಮಾನ ಮಾಡಿದ್ದಾರೆ ಎಂದು ಆರೋಪಿಸಿ ಹಿಂದೂ ಸಂಘಟನೆಗಳ ಕಾರ್ಯಕರ್ತರು ಕಾಲೇಜಿನ ಎದುರು ಪ್ರತಿಭಟನೆ ನಡೆಸಿದರು. ನಗರದ ಖಾಸಗಿ ಪದವಿ ಕಾಲೇಜಿನಲ್ಲಿ ಈ ಘಟನೆ ನಡೆದಿದೆ. ಮೂವರು ವಿದ್ಯಾರ್ಥಿಗಳು ಅಯ್ಯಪ್ಪ ಮಾಲೆ ಧರಿಸಿ ಕಾಲೇಜಿಗೆ ಬಂದಿದ್ದರು. ಸಮವಸ್ತ್ರ ಧರಿಸಿ ಬರುವಂತೆ ಪ್ರಾಂಶುಪಾಲರು ಸೂಚಿಸಿದ್ದರು. ಇದನ್ನು ಖಂಡಿಸಿ ಹಿಂದೂ ಜಾಗರಣ ವೇದಿಕೆ, ಶ್ರೀರಾಮ ಸೇನೆ ಕಾರ್ಯಕರ್ತರು ಪ್ರತಿಭಟನೆ ನಡೆಸಿ ಪ್ರಾಂಶುಪಾಲರ ಕ್ಷಮೆಯಾಚನೆಗೆ ಆಗ್ರಹಿಸಿದರು. ಸ್ಥಳಕ್ಕೆ ಭೇಟಿ ನೀಡಿದ ಪೊಲೀಸರು ಪರಿಸ್ಥಿತಿ ನಿಯಂತ್ರಿಸಿದರು. ಕಾಲೇಜು ಆಡಳಿತ ಮಂಡಳಿ ವಿದ್ಯಾರ್ಥಿಗಳಿಗೆ ತರಗತಿಗೆ ಹಾಜರಾಗಲು ಅವಕಾಶ ಕಲ್ಪಿಸಿದೆ. ಧಾರ್ಮಿಕ ಆಚರಣೆಗೆ ಅಡ್ಡಿಪಡಿಸುವುದು ಸರಿಯಲ್ಲ ಎಂದು ಪ್ರತಿಭಟನಾಕಾರರು ಹೇಳಿದರು. ಈ ಕುರಿತು ಜಿಲ್ಲಾಧಿಕಾರಿಗಳಿಗೆ ಮನವಿ ಸಲ್ಲಿಸಲಾಯಿತು.
ಹೈಕಮಾಂಡ್ ಆದೇಶ ಪಾಲಿಸುತ್ತೇವೆ: ಸಚಿವ
ದಾವಣಗೆರೆ: ಸಿದ್ದರಾಮಯ್ಯ ಅವರು ಮುಖ್ಯಮಂತ್ರಿಯಾಗಿ ಮುಂದುವರಿಯಬೇಕೋ ಅಥವಾ ಡಿ.ಕೆ.ಶಿವಕುಮಾರ್ ಅವರು ಮುಖ್ಯಮಂತ್ರಿಯಾಗಬೇಕೋ ಎನ್ನುವುದನ್ನು ಹೈಕಮಾಂಡ್ ನಿರ್ಧರಿಸಲಿದೆ. ಹೈಕಮಾಂಡ್ ಆದೇಶವನ್ನು ನಾವೆಲ್ಲರೂ ಪಾಲಿಸುತ್ತೇವೆ ಎಂದು ಸಚಿವ ಎಸ್.ಎಸ್.ಮಲ್ಲಿಕಾರ್ಜುನ ಹೇಳಿದರು. ನಗರದಲ್ಲಿ ಸುದ್ದಿಗಾರರೊಂದಿಗೆ ಮಾತನಾಡಿದ ಅವರು, ಪಕ್ಷದಲ್ಲಿ ಯಾವುದೇ ಗೊಂದಲವಿಲ್ಲ. ಮುಖ್ಯಮಂತ್ರಿ ಮತ್ತು ಉಪಮುಖ್ಯಮಂತ್ರಿ ಉತ್ತಮ ಬಾಂಧವ್ಯ ಹೊಂದಿದ್ದಾರೆ. ಬಿಜೆಪಿಯವರು ಊಹಾಪೋಹ ಹಬ್ಬಿಸುತ್ತಿದ್ದಾರೆ. ಸರ್ಕಾರ ಐದು ವರ್ಷ ಪೂರ್ಣಗೊಳಿಸಲಿದೆ. ಜಿಲ್ಲೆಯ ಅಭಿವೃದ್ಧಿಗೆ ಹೆಚ್ಚಿನ ಅನುದಾನ ತರಲಾಗುವುದು. ಕೃಷಿಕರಿಗೆ ಅಗತ್ಯ ನೆರವು ನೀಡಲಾಗುವುದು ಎಂದರು. ಅಭಿವೃದ್ಧಿ ಕಾಮಗಾರಿಗಳಿಗೆ ಚಾಲನೆ ನೀಡಲಾಗಿದೆ. ಎಲ್ಲ ಶಾಸಕರು ಒಗ್ಗಟ್ಟಾಗಿದ್ದೇವೆ ಎಂದು ತಿಳಿಸಿದರು.
ಸಿದ್ದರಾಮಯ್ಯ ಅವರು ಮುಖ್ಯಮಂತ್ರಿಯಾಗಿ ಮುಂದುವರಿಯಬೇಕೋ ಅಥವಾ ಡಿ.ಕೆ.ಶಿವಕುಮಾರ್ ಅವರು ಮುಖ್ಯಮಂತ್ರಿಯಾಗಬೇಕೋ ಎನ್ನುವುದನ್ನು ಹೈಕಮಾಂಡ್ ನಿರ್ಧರಿಸಲಿದೆ. ಹೈಕಮಾಂಡ್ ಆದೇಶವನ್ನು ನಾವೆಲ್ಲರೂ ಪಾಲಿಸುತ್ತೇವೆ ಎಂದು ಸಚಿವ ಎಸ್.ಎಸ್.ಮಲ್ಲಿಕಾರ್ಜುನ ಹೇಳಿದರು. ನಗರದಲ್ಲಿ ಸುದ್ದಿಗಾರರೊಂದಿಗೆ ಮಾತನಾಡಿದ ಅವರು, ಪಕ್ಷದಲ್ಲಿ ಯಾವುದೇ ಗೊಂದಲವಿಲ್ಲ. ಮುಖ್ಯಮಂತ್ರಿ ಮತ್ತು ಉಪಮುಖ್ಯಮಂತ್ರಿ ಉತ್ತಮ ಬಾಂಧವ್ಯ ಹೊಂದಿದ್ದಾರೆ. ಬಿಜೆಪಿಯವರು ಊಹಾಪೋಹ ಹಬ್ಬಿಸುತ್ತಿದ್ದಾರೆ. ಸರ್ಕಾರ ಐದು ವರ್ಷ ಪೂರ್ಣಗೊಳಿಸಲಿದೆ. ಜಿಲ್ಲೆಯ ಅಭಿವೃದ್ಧಿಗೆ ಹೆಚ್ಚಿನ ಅನುದಾನ ತರಲಾಗುವುದು. ಕೃಷಿಕರಿಗೆ ಅಗತ್ಯ ನೆರವು ನೀಡಲಾಗುವುದು ಎಂದರು. ಅಭಿವೃದ್ಧಿ ಕಾಮಗಾರಿಗಳಿಗೆ ಚಾಲನೆ ನೀಡಲಾಗಿದೆ. ಎಲ್ಲ ಶಾಸಕರು ಒಗ್ಗಟ್ಟಾಗಿದ್ದೇವೆ ಎಂದು ತಿಳಿಸಿದರು.
ಅವಧೂತ ದತ್ತ ಪೀಠದಲ್ಲಿ ಗೀತಾ ಜಯಂತಿ ಅಂಗವಾಗಿ ಭಗವದ್ಗೀತೆ ಪಾರಾಯಣ
ಭಗವದ್ಗೀತೆ ಜೀವನದ ಉಸಿರಾಗಲಿ: ಗಣಪತಿ ಶ್ರೀ
ಮೈಸೂರು: ಜಗದ್ಗುರು ಶ್ರೀ ಕೃಷ್ಣ ಪರಮಾತ್ಮನು ಭಗವದ್ಗೀತೆಯಲ್ಲಿ ಅರ್ಜುನನಿಗೆ ಮಾಡಿದ ಉಪದೇಶ ಮನುಕುಲಕ್ಕೆ ದಾರಿದೀಪವಾಗಿದೆ. ಭಗವದ್ಗೀತೆ ಪ್ರತಿಯೊಬ್ಬರ ಜೀವನದ ಉಸಿರಾಗಬೇಕು ಎಂದು ಅವಧೂತ ದತ್ತ ಪೀಠದ ಶ್ರೀ ಗಣಪತಿ ಸಚ್ಚಿದಾನಂದ ಸ್ವಾಮೀಜಿ ನುಡಿದರು. ಗೀತಾ ಜಯಂತಿ ಅಂಗವಾಗಿ ಆಶ್ರಮದಲ್ಲಿ ಆಯೋಜಿಸಿದ್ದ ಸಾಮೂಹಿಕ ಭಗವದ್ಗೀತೆ ಪಾರಾಯಣ ಕಾರ್ಯಕ್ರಮದಲ್ಲಿ ಆಶೀರ್ವಚನ ನೀಡಿದರು. ಗೀತೆಯ ಪ್ರತಿ ಶ್ಲೋಕವೂ ಜೀವನ ಮೌಲ್ಯಗಳನ್ನು ಬೋಧಿಸುತ್ತದೆ. ಕರ್ಮ, ಭಕ್ತಿ, ಜ್ಞಾನ ಮಾರ್ಗಗಳ ಸಮನ್ವಯವನ್ನು ಗೀತೆ ತಿಳಿಸುತ್ತದೆ. ಯುವಜನರು ಗೀತೆಯ ಅಧ್ಯಯನ ಮಾಡಬೇಕು. ಮಕ್ಕಳಿಗೆ ಬಾಲ್ಯದಿಂದಲೇ ಗೀತೆಯ ಸಂಸ್ಕಾರ ನೀಡಬೇಕು. ದೇಶ ವಿದೇಶಗಳ ಸಾವಿರಾರು ಭಕ್ತರು ಪಾರಾಯಣದಲ್ಲಿ ಪಾಲ್ಗೊಂಡಿದ್ದರು. ಹದಿನೆಂಟು ಅಧ್ಯಾಯಗಳ ಏಳುನೂರು ಶ್ಲೋಕಗಳನ್ನು ಸಾಮೂಹಿಕವಾಗಿ ಪಠಿಸಲಾಯಿತು. ಕಿರಿಯ ಶ್ರೀ ದತ್ತ ವಿಜಯಾನಂದ ತೀರ್ಥ ಸ್ವಾಮೀಜಿ ಸಾನ್ನಿಧ್ಯ ವಹಿಸಿದ್ದರು. ಹೈದರಾಬಾದ್‌ನಲ್ಲಿ ಬೃಹತ್ ಪಾರಾಯಣ: ಮುಂದಿನ ತಿಂಗಳು ಹೈದರಾಬಾದ್‌ನಲ್ಲಿ ಒಂದು ಲಕ್ಷ ಜನರಿಂದ ಗೀತಾ ಪಾರಾಯಣ ನಡೆಯಲಿದೆ. ಗೀತಾ ಪಾರಾಯಣ ಸಂಕಲ್ಪ: ಪ್ರತಿಯೊಬ್ಬರೂ ಪ್ರತಿದಿನ ಕನಿಷ್ಠ ಒಂದು ಅಧ್ಯಾಯವನ್ನು ಪಠಿಸುವ ಸಂಕಲ್ಪ ಮಾಡಬೇಕು ಎಂದರು. ಆಶ್ರಮದ ವತಿಯಿಂದ 700ಕ್ಕೂ ಹೆಚ್ಚು ಕೇಂದ್ರಗಳಲ್ಲಿ ಗೀತಾ ತರಗತಿ ನಡೆಸಲಾಗುತ್ತಿದೆ. ಹಂಗರಿ, ಅಮೆರಿಕ, ಜರ್ಮನಿ ಸೇರಿದಂತೆ ವಿವಿಧ ದೇಶಗಳ ಭಕ್ತರೂ ಭಾಗವಹಿಸಿದ್ದರು. ಸಂಗೀತ ಕಾರ್ಯಕ್ರಮ, ನೃತ್ಯ ರೂಪಕ ಗಮನ ಸೆಳೆದವು.
ಜಗದ್ಗುರು ಶ್ರೀ ಕೃಷ್ಣ ಪರಮಾತ್ಮನು ಭಗವದ್ಗೀತೆಯಲ್ಲಿ ಅರ್ಜುನನಿಗೆ ಮಾಡಿದ ಉಪದೇಶ ಮನುಕುಲಕ್ಕೆ ದಾರಿದೀಪವಾಗಿದೆ. ಭಗವದ್ಗೀತೆ ಪ್ರತಿಯೊಬ್ಬರ ಜೀವನದ ಉಸಿರಾಗಬೇಕು ಎಂದು ಅವಧೂತ ದತ್ತ ಪೀಠದ ಶ್ರೀ ಗಣಪತಿ ಸಚ್ಚಿದಾನಂದ ಸ್ವಾಮೀಜಿ ನುಡಿದರು. ಗೀತಾ ಜಯಂತಿ ಅಂಗವಾಗಿ ಆಶ್ರಮದಲ್ಲಿ ಆಯೋಜಿಸಿದ್ದ ಸಾಮೂಹಿಕ ಭಗವದ್ಗೀತೆ ಪಾರಾಯಣ ಕಾರ್ಯಕ್ರಮದಲ್ಲಿ ಆಶೀರ್ವಚನ ನೀಡಿದರು. ಗೀತೆಯ ಪ್ರತಿ ಶ್ಲೋಕವೂ ಜೀವನ ಮೌಲ್ಯಗಳನ್ನು ಬೋಧಿಸುತ್ತದೆ. ಕರ್ಮ, ಭಕ್ತಿ, ಜ್ಞಾನ ಮಾರ್ಗಗಳ ಸಮನ್ವಯವನ್ನು ಗೀತೆ ತಿಳಿಸುತ್ತದೆ. ಯುವಜನರು ಗೀತೆಯ ಅಧ್ಯಯನ ಮಾಡಬೇಕು. ಮಕ್ಕಳಿಗೆ ಬಾಲ್ಯದಿಂದಲೇ ಗೀತೆಯ ಸಂಸ್ಕಾರ ನೀಡಬೇಕು. ದೇಶ ವಿದೇಶಗಳ ಸಾವಿರಾರು ಭಕ್ತರು ಪಾರಾಯಣದಲ್ಲಿ ಪಾಲ್ಗೊಂಡಿದ್ದರು. ಹದಿನೆಂಟು ಅಧ್ಯಾಯಗಳ ಏಳುನೂರು ಶ್ಲೋಕಗಳನ್ನು ಸಾಮೂಹಿಕವಾಗಿ ಪಠಿಸಲಾಯಿತು. ಕಿರಿಯ ಶ್ರೀ ದತ್ತ ವಿಜಯಾನಂದ ತೀರ್ಥ ಸ್ವಾಮೀಜಿ ಸಾನ್ನಿಧ್ಯ ವಹಿಸಿದ್ದರು. ಹೈದರಾಬಾದ್‌ನಲ್ಲಿ ಬೃಹತ್ ಪಾರಾಯಣ: ಮುಂದಿನ ತಿಂಗಳು ಹೈದರಾಬಾದ್‌ನಲ್ಲಿ ಒಂದು ಲಕ್ಷ ಜನರಿಂದ ಗೀತಾ ಪಾರಾಯಣ ನಡೆಯಲಿದೆ. ಗೀತಾ ಪಾರಾಯಣ ಸಂಕಲ್ಪ: ಪ್ರತಿಯೊಬ್ಬರೂ ಪ್ರತಿದಿನ ಕನಿಷ್ಠ ಒಂದು ಅಧ್ಯಾಯವನ್ನು ಪಠಿಸುವ ಸಂಕಲ್ಪ ಮಾಡಬೇಕು ಎಂದರು. ಆಶ್ರಮದ ವತಿಯಿಂದ 700ಕ್ಕೂ ಹೆಚ್ಚು ಕೇಂದ್ರಗಳಲ್ಲಿ ಗೀತಾ ತರಗತಿ ನಡೆಸಲಾಗುತ್ತಿದೆ. ಹಂಗರಿ, ಅಮೆರಿಕ, ಜರ್ಮನಿ ಸೇರಿದಂತೆ ವಿವಿಧ ದೇಶಗಳ ಭಕ್ತರೂ ಭಾಗವಹಿಸಿದ್ದರು. ಸಂಗೀತ ಕಾರ್ಯಕ್ರಮ, ನೃತ್ಯ ರೂಪಕ ಗಮನ ಸೆಳೆದವು.
ಜಗದ್ಗುರು ಶ್ರೀ ಕೃಷ್ಣ ಪರಮಾತ್ಮನು ಭಗವದ್ಗೀತೆಯಲ್ಲಿ ಅರ್ಜುನನಿಗೆ ಮಾಡಿದ ಉಪದೇಶ ಮನುಕುಲಕ್ಕೆ ದಾರಿದೀಪವಾಗಿದೆ. ಭಗವದ್ಗೀತೆ ಪ್ರತಿಯೊಬ್ಬರ ಜೀವನದ ಉಸಿರಾಗಬೇಕು ಎಂದು ಅವಧೂತ ದತ್ತ ಪೀಠದ ಶ್ರೀ ಗಣಪತಿ ಸಚ್ಚಿದಾನಂದ ಸ್ವಾಮೀಜಿ ನುಡಿದರು. ಗೀತಾ ಜಯಂತಿ ಅಂಗವಾಗಿ ಆಶ್ರಮದಲ್ಲಿ ಆಯೋಜಿಸಿದ್ದ ಸಾಮೂಹಿಕ ಭಗವದ್ಗೀತೆ ಪಾರಾಯಣ ಕಾರ್ಯಕ್ರಮದಲ್ಲಿ ಆಶೀರ್ವಚನ ನೀಡಿದರು. ಗೀತೆಯ ಪ್ರತಿ ಶ್ಲೋಕವೂ ಜೀವನ ಮೌಲ್ಯಗಳನ್ನು ಬೋಧಿಸುತ್ತದೆ. ಕರ್ಮ, ಭಕ್ತಿ, ಜ್ಞಾನ ಮಾರ್ಗಗಳ ಸಮನ್ವಯವನ್ನು ಗೀತೆ ತಿಳಿಸುತ್ತದೆ. ಯುವಜನರು ಗೀತೆಯ ಅಧ್ಯಯನ ಮಾಡಬೇಕು. ಮಕ್ಕಳಿಗೆ ಬಾಲ್ಯದಿಂದಲೇ ಗೀತೆಯ ಸಂಸ್ಕಾರ ನೀಡಬೇಕು. ದೇಶ ವಿದೇಶಗಳ ಸಾವಿರಾರು ಭಕ್ತರು ಪಾರಾಯಣದಲ್ಲಿ ಪಾಲ್ಗೊಂಡಿದ್ದರು. ಹದಿನೆಂಟು ಅಧ್ಯಾಯಗಳ ಏಳುನೂರು ಶ್ಲೋಕಗಳನ್ನು ಸಾಮೂಹಿಕವಾಗಿ ಪಠಿಸಲಾಯಿತು. ಕಿರಿಯ ಶ್ರೀ ದತ್ತ ವಿಜಯಾನಂದ ತೀರ್ಥ ಸ್ವಾಮೀಜಿ ಸಾನ್ನಿಧ್ಯ ವಹಿಸಿದ್ದರು. ಹೈದರಾಬಾದ್‌ನಲ್ಲಿ ಬೃಹತ್ ಪಾರಾಯಣ: ಮುಂದಿನ ತಿಂಗಳು ಹೈದರಾಬಾದ್‌ನಲ್ಲಿ ಒಂದು ಲಕ್ಷ ಜನರಿಂದ ಗೀತಾ ಪಾರಾಯಣ ನಡೆಯಲಿದೆ. ಗೀತಾ ಪಾರಾಯಣ ಸಂಕಲ್ಪ: ಪ್ರತಿಯೊಬ್ಬರೂ ಪ್ರತಿದಿನ ಕನಿಷ್ಠ ಒಂದು ಅಧ್ಯಾಯವನ್ನು ಪಠಿಸುವ ಸಂಕಲ್ಪ ಮಾಡಬೇಕು ಎಂದರು. ಆಶ್ರಮದ ವತಿಯಿಂದ 700ಕ್ಕೂ ಹೆಚ್ಚು ಕೇಂದ್ರಗಳಲ್ಲಿ ಗೀತಾ ತರಗತಿ ನಡೆಸಲಾಗುತ್ತಿದೆ. ಹಂಗರಿ, ಅಮೆರಿಕ, ಜರ್ಮನಿ ಸೇರಿದಂತೆ ವಿವಿಧ ದೇಶಗಳ ಭಕ್ತರೂ ಭಾಗವಹಿಸಿದ್ದರು. ಸಂಗೀತ ಕಾರ್ಯಕ್ರಮ, ನೃತ್ಯ ರೂಪಕ ಗಮನ ಸೆಳೆದವು.
ಎಸ್‌ಎಸ್‌ಒ ಆಗಿ ಸಮೀರ್
ಜಯಸಿಂಹ ಪಂಡ್ಸೆ ನೇಮಕ
ಬೆಂಗಳೂರು: ಏರ್ ಮಾರ್ಷಲ್ ಸಮೀರ್ ಜಯಸಿಂಹ ಪಂಡ್ಸೆ ಅವರು ಭಾರತೀಯ ವಾಯುಪಡೆಯ ತರಬೇತಿ ಕಮಾಂಡ್‌ನ ಹಿರಿಯ ವಾಯು ಸಿಬ್ಬಂದಿ ಅಧಿಕಾರಿಯಾಗಿ (ಎಸ್‌ಎಎಸ್‌ಒ) ಸೋಮವಾರ ಅಧಿಕಾರ ಸ್ವೀಕರಿಸಿದರು. ರಾಷ್ಟ್ರೀಯ ರಕ್ಷಣಾ ಅಕಾಡೆಮಿಯ ಹಳೆಯ ವಿದ್ಯಾರ್ಥಿಯಾಗಿರುವ ಅವರು 1989ರ ಡಿಸೆಂಬರ್‌ನಲ್ಲಿ ವಾಯುಪಡೆಯ ಫ್ಲೈಯಿಂಗ್ ಶಾಖೆಗೆ ನಿಯೋಜನೆಗೊಂಡರು. 36 ವರ್ಷಗಳ ವೃತ್ತಿ ಜೀವನದಲ್ಲಿ ಅವರು ವಿವಿಧ ಯುದ್ಧ ವಿಮಾನಗಳಲ್ಲಿ 5,100 ಗಂಟೆಗಳಿಗೂ ಹೆಚ್ಚು ಹಾರಾಟ ನಡೆಸಿದ ಅನುಭವ ಹೊಂದಿದ್ದಾರೆ. ಅರ್ಹ ಫ್ಲೈಯಿಂಗ್ ಬೋಧಕರಾಗಿ ಹಲವು ಪೈಲಟ್‌ಗಳಿಗೆ ತರಬೇತಿ ನೀಡಿದ್ದಾರೆ. ವೆಲ್ಲಿಂಗ್ಟನ್ ರಕ್ಷಣಾ ಸೇವೆಗಳ ಸಿಬ್ಬಂದಿ ಕಾಲೇಜು ಮತ್ತು ನ್ಯಾಷನಲ್ ಡಿಫೆನ್ಸ್ ಕಾಲೇಜಿನ ಪದವೀಧರರಾಗಿದ್ದಾರೆ. ಮುಂಚೂಣಿ ವಾಯುನೆಲೆಗಳ ಕಮಾಂಡಿಂಗ್ ಅಧಿಕಾರಿಯಾಗಿ ಸೇವೆ ಸಲ್ಲಿಸಿದ್ದಾರೆ. ಈ ನೇಮಕಕ್ಕೂ ಮುನ್ನ ಅವರು ವಾಯುಪಡೆ ಪ್ರಧಾನ ಕಚೇರಿಯಲ್ಲಿ ಸಹಾಯಕ ವಾಯುಪಡೆ ಮುಖ್ಯಸ್ಥರಾಗಿ ಕಾರ್ಯನಿರ್ವಹಿಸಿದ್ದರು. ಅವರ ಸೇವೆಗೆ 2015ರಲ್ಲಿ ವಾಯುಸೇನಾ ಪದಕ ಮತ್ತು 2021ರಲ್ಲಿ ಅತಿ ವಿಶಿಷ್ಟ ಸೇವಾ ಪದಕ ನೀಡಿ ಗೌರವಿಸಲಾಗಿದೆ.
ಏರ್ ಮಾರ್ಷಲ್ ಸಮೀರ್ ಜಯಸಿಂಹ ಪಂಡ್ಸೆ ಅವರು ಭಾರತೀಯ ವಾಯುಪಡೆಯ ತರಬೇತಿ ಕಮಾಂಡ್‌ನ ಹಿರಿಯ ವಾಯು ಸಿಬ್ಬಂದಿ ಅಧಿಕಾರಿಯಾಗಿ (ಎಸ್‌ಎಎಸ್‌ಒ) ಸೋಮವಾರ ಅಧಿಕಾರ ಸ್ವೀಕರಿಸಿದರು. ರಾಷ್ಟ್ರೀಯ ರಕ್ಷಣಾ ಅಕಾಡೆಮಿಯ ಹಳೆಯ ವಿದ್ಯಾರ್ಥಿಯಾಗಿರುವ ಅವರು 1989ರ ಡಿಸೆಂಬರ್‌ನಲ್ಲಿ ವಾಯುಪಡೆಯ ಫ್ಲೈಯಿಂಗ್
ಏರ್ ಮಾರ್ಷಲ್ ಸಮೀರ್ ಜಯಸಿಂಹ ಪಂಡ್ಸೆ ಅವರು ಭಾರತೀಯ ವಾಯುಪಡೆಯ ತರಬೇತಿ ಕಮಾಂಡ್‌ನ ಹಿರಿಯ ವಾಯು ಸಿಬ್ಬಂದಿ ಅಧಿಕಾರಿಯಾಗಿ (ಎಸ್‌ಎಎಸ್‌ಒ) ಸೋಮವಾರ ಅಧಿಕಾರ ಸ್ವೀಕರಿಸಿದರು. ರಾಷ್ಟ್ರೀಯ ರಕ್ಷಣಾ ಅಕಾಡೆಮಿಯ ಹಳೆಯ ವಿದ್ಯಾರ್ಥಿಯಾಗಿರುವ ಅವರು 1989ರ ಡಿಸೆಂಬರ್‌ನಲ್ಲಿ ವಾಯುಪಡೆಯ ಫ್ಲೈಯಿಂಗ್ ಶಾಖೆಗೆ ನಿಯೋಜನೆಗೊಂಡರು. 36 ವರ್ಷಗಳ ವೃತ್ತಿ ಜೀವನದಲ್ಲಿ ಅವರು ವಿವಿಧ ಯುದ್ಧ ವಿಮಾನಗಳಲ್ಲಿ 5,100 ಗಂಟೆಗಳಿಗೂ ಹೆಚ್ಚು ಹಾರಾಟ ನಡೆಸಿದ ಅನುಭವ ಹೊಂದಿದ್ದಾರೆ. ಅರ್ಹ ಫ್ಲೈಯಿಂಗ್ ಬೋಧಕರಾಗಿ ಹಲವು ಪೈಲಟ್‌ಗಳಿಗೆ ತರಬೇತಿ ನೀಡಿದ್ದಾರೆ. ವೆಲ್ಲಿಂಗ್ಟನ್ ರಕ್ಷಣಾ ಸೇವೆಗಳ ಸಿಬ್ಬಂದಿ ಕಾಲೇಜು ಮತ್ತು ನ್ಯಾಷನಲ್ ಡಿಫೆನ್ಸ್ ಕಾಲೇಜಿನ ಪದವೀಧರರಾಗಿದ್ದಾರೆ. ಮುಂಚೂಣಿ ವಾಯುನೆಲೆಗಳ ಕಮಾಂಡಿಂಗ್ ಅಧಿಕಾರಿಯಾಗಿ ಸೇವೆ ಸಲ್ಲಿಸಿದ್ದಾರೆ. ಈ ನೇಮಕಕ್ಕೂ ಮುನ್ನ ಅವರು ವಾಯುಪಡೆ ಪ್ರಧಾನ ಕಚೇರಿಯಲ್ಲಿ ಸಹಾಯಕ ವಾಯುಪಡೆ ಮುಖ್ಯಸ್ಥರಾಗಿ ಕಾರ್ಯನಿರ್ವಹಿಸಿದ್ದರು. ಅವರ ಸೇವೆಗೆ 2015ರಲ್ಲಿ ವಾಯುಸೇನಾ ಪದಕ ಮತ್ತು 2021ರಲ್ಲಿ ಅತಿ ವಿಶಿಷ್ಟ ಸೇವಾ ಪದಕ ನೀಡಿ ಗೌರವಿಸಲಾಗಿದೆ.
